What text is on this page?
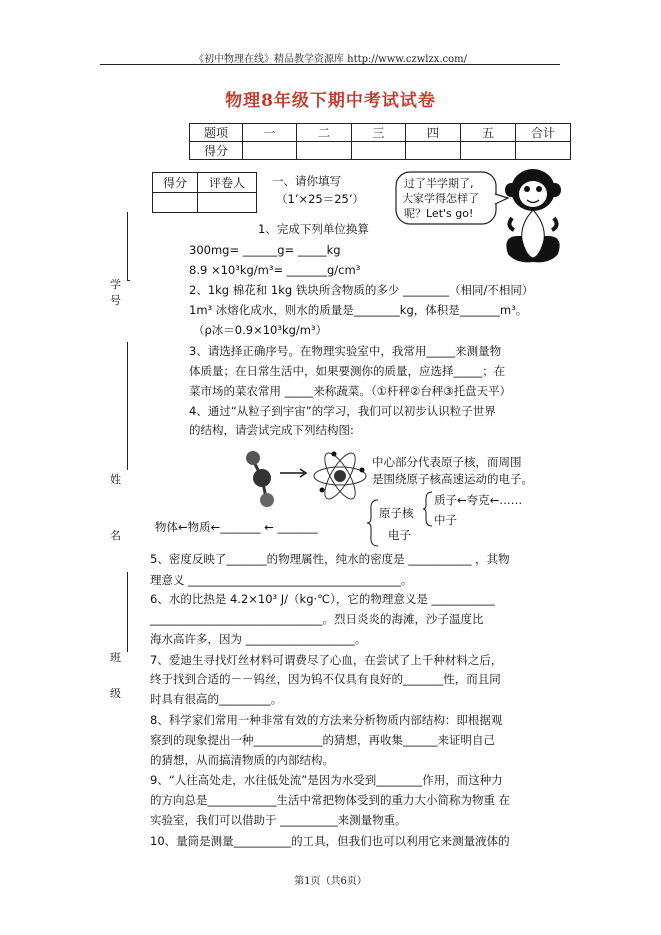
《初中物理在线》精品教学资源库 http://www.czwlzx.com/
物理8年级下期中考试试卷
题项	一	二	三	四	五	合计
得分						
得分	评卷人
	一、请你填写
（1’×25＝25’）
学 号
姓 名
班 级
过了半学期了,
大家学得怎样了
呢？Let's go!
1、完成下列单位换算
300mg= ______g= _____kg
8.9 ×10³kg/m³= _______g/cm³
2、1kg 棉花和 1kg 铁块所含物质的多少 ________（相同/不相同）
1m³ 冰熔化成水，则水的质量是________kg，体积是_______m³。
（ρ冰＝0.9×10³kg/m³）
3、请选择正确序号。在物理实验室中，我常用_____来测量物
体质量；在日常生活中，如果要测你的质量，应选择_____；在
菜市场的菜农常用 _____来称蔬菜。（①杆秤②台秤③托盘天平）
4、通过“从粒子到宇宙”的学习，我们可以初步认识粒子世界
的结构，请尝试完成下列结构图:
中心部分代表原子核，而周围
是围绕原子核高速运动的电子。
物体←物质←_______ ← _______
原子核
质子←夸克←……
中子
电子
5、密度反映了_______的物理属性，纯水的密度是 ___________ ，其物
理意义 _____________________________________。
6、水的比热是 4.2×10³ J/（kg·℃），它的物理意义是 ___________
______________________________。烈日炎炎的海滩，沙子温度比
海水高许多，因为 ___________________。
7、爱迪生寻找灯丝材料可谓费尽了心血，在尝试了上千种材料之后，
终于找到合适的－－钨丝，因为钨不仅具有良好的_______性，而且同
时具有很高的_________。
8、科学家们常用一种非常有效的方法来分析物质内部结构：即根据观
察到的现象提出一种____________的猜想，再收集______来证明自己
的猜想，从而搞清物质的内部结构。
9、“人往高处走，水往低处流”是因为水受到________作用，而这种力
的方向总是____________生活中常把物体受到的重力大小简称为物重 在
实验室，我们可以借助于 __________来测量物重。
10、量筒是测量__________的工具，但我们也可以利用它来测量液体的
第1页（共6页）
